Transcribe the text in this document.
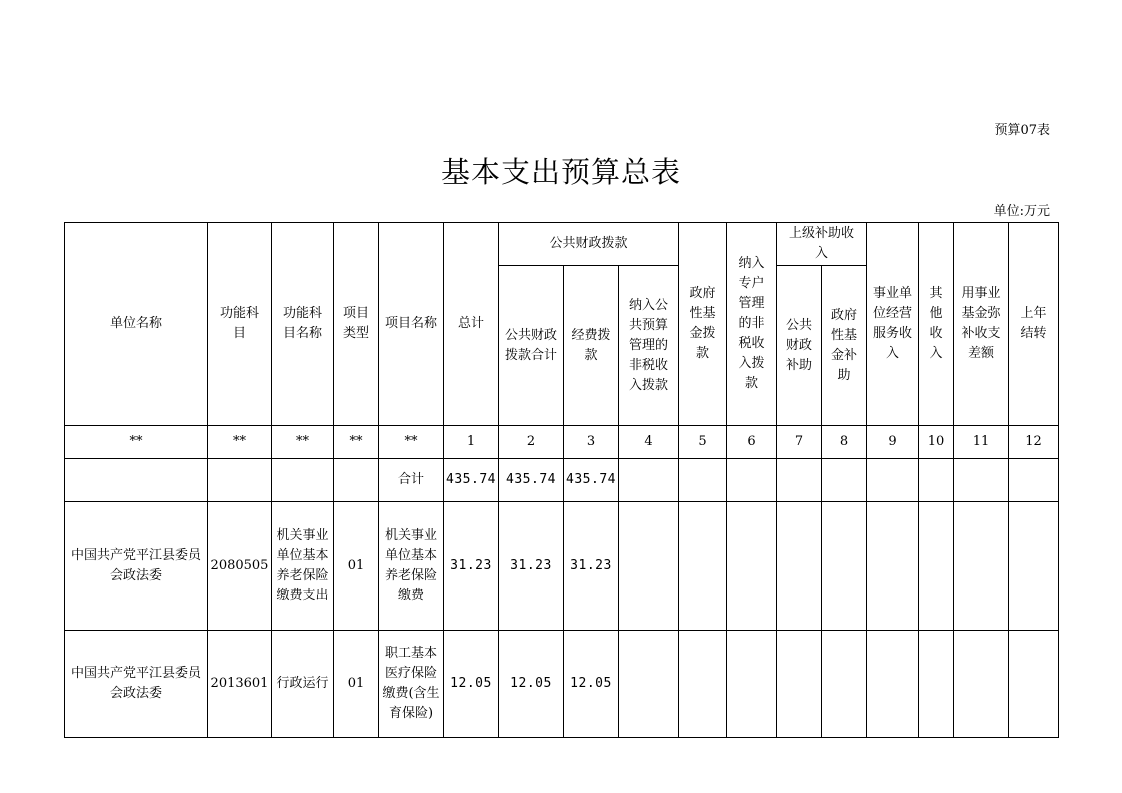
预算07表
基本支出预算总表
单位:万元
单位名称	功能科目	功能科目名称	项目类型	项目名称	总计	公共财政拨款			政府性基金拨款	纳入专户管理的非税收入拨款	上级补助收入		事业单位经营服务收入	其他收入	用事业基金弥补收支差额	上年结转
						公共财政拨款合计	经费拨款	纳入公共预算管理的非税收入拨款			公共财政补助	政府性基金补助				
**	**	**	**	**	1	2	3	4	5	6	7	8	9	10	11	12
				合计	435.74	435.74	435.74									
中国共产党平江县委员会政法委	2080505	机关事业单位基本养老保险缴费支出	01	机关事业单位基本养老保险缴费	31.23	31.23	31.23									
中国共产党平江县委员会政法委	2013601	行政运行	01	职工基本医疗保险缴费(含生育保险)	12.05	12.05	12.05									
